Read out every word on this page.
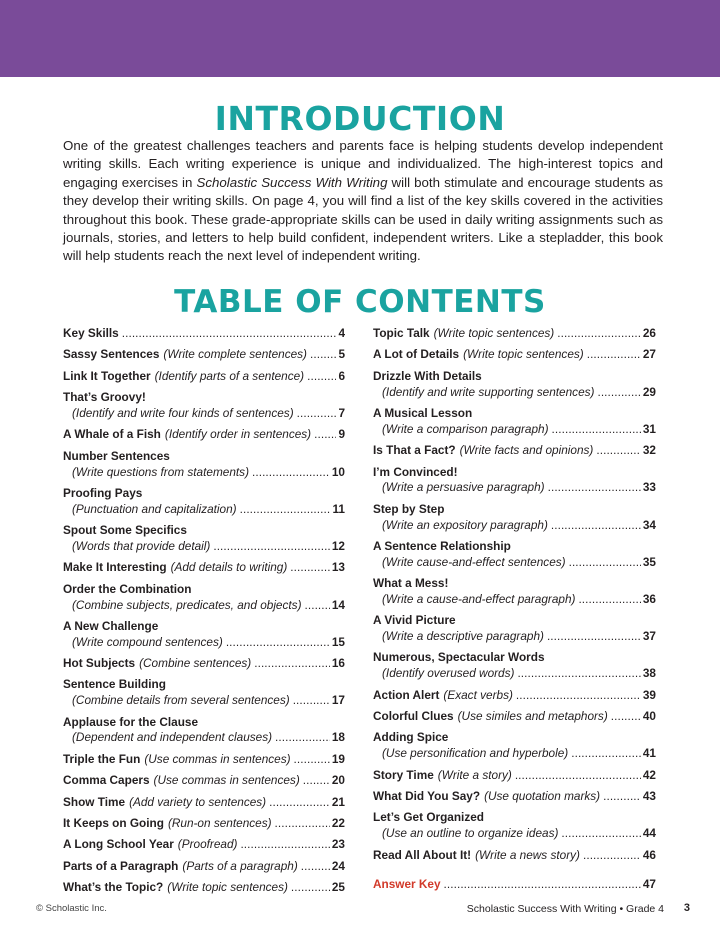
INTRODUCTION

One of the greatest challenges teachers and parents face is helping students develop independent writing skills. Each writing experience is unique and individualized. The high-interest topics and engaging exercises in Scholastic Success With Writing will both stimulate and encourage students as they develop their writing skills. On page 4, you will find a list of the key skills covered in the activities throughout this book. These grade-appropriate skills can be used in daily writing assignments such as journals, stories, and letters to help build confident, independent writers. Like a stepladder, this book will help students reach the next level of independent writing.

TABLE OF CONTENTS
Key Skills . . .	4
Sassy Sentences (Write complete sentences) . . .	5
Link It Together (Identify parts of a sentence) . . .	6
That’s Groovy!
(Identify and write four kinds of sentences) . . .	7
A Whale of a Fish (Identify order in sentences) . . . 9
Number Sentences
(Write questions from statements) . . .	10
Proofing Pays
(Punctuation and capitalization) . . .	11
Spout Some Specifics
(Words that provide detail) . . .	12
Make It Interesting (Add details to writing) . . .	13
Order the Combination
(Combine subjects, predicates, and objects) . . .	14
A New Challenge
(Write compound sentences) . . .	15
Hot Subjects (Combine sentences) . . .	16
Sentence Building
(Combine details from several sentences) . . .	17
Applause for the Clause
(Dependent and independent clauses) . . .	18
Triple the Fun (Use commas in sentences) . . .	19
Comma Capers (Use commas in sentences) . . .	20
Show Time (Add variety to sentences) . . .	21
It Keeps on Going (Run-on sentences) . . .	22
A Long School Year (Proofread) . . .	23
Parts of a Paragraph (Parts of a paragraph) . . .	24
What’s the Topic? (Write topic sentences) . . .	25
Topic Talk (Write topic sentences) . . .	26
A Lot of Details (Write topic sentences) . . .	27
Drizzle With Details
(Identify and write supporting sentences) . . .	29
A Musical Lesson
(Write a comparison paragraph) . . .	31
Is That a Fact? (Write facts and opinions) . . .	32
I’m Convinced!
(Write a persuasive paragraph) . . .	33
Step by Step
(Write an expository paragraph) . . .	34
A Sentence Relationship
(Write cause-and-effect sentences) . . .	35
What a Mess!
(Write a cause-and-effect paragraph) . . .	36
A Vivid Picture
(Write a descriptive paragraph) . . .	37
Numerous, Spectacular Words
(Identify overused words) . . .	38
Action Alert (Exact verbs) . . .	39
Colorful Clues (Use similes and metaphors) . . .	40
Adding Spice
(Use personification and hyperbole) . . .	41
Story Time (Write a story) . . .	42
What Did You Say? (Use quotation marks) . . .	43
Let’s Get Organized
(Use an outline to organize ideas) . . .	44
Read All About It! (Write a news story) . . .	46
Answer Key . . .	47
© Scholastic Inc.	Scholastic Success With Writing • Grade 4 3
